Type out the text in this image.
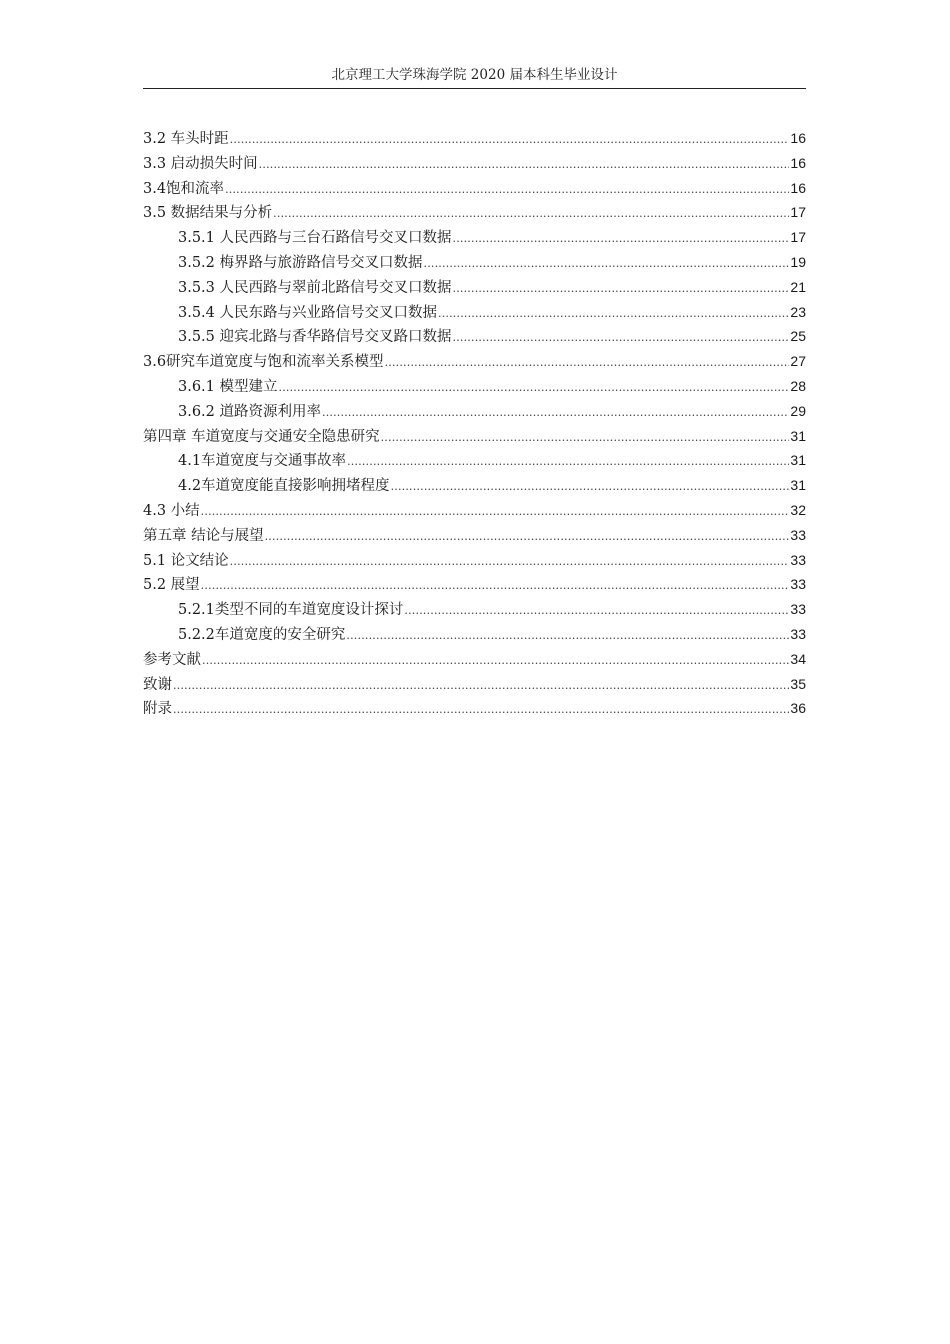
北京理工大学珠海学院 2020 届本科生毕业设计
3.2 车头时距 .....	16
3.3 启动损失时间 .....	16
3.4饱和流率 .....	16
3.5 数据结果与分析 .....	17
3.5.1 人民西路与三台石路信号交叉口数据 .....	17
3.5.2 梅界路与旅游路信号交叉口数据 .....	19
3.5.3 人民西路与翠前北路信号交叉口数据 .....	21
3.5.4 人民东路与兴业路信号交叉口数据 .....	23
3.5.5 迎宾北路与香华路信号交叉路口数据 .....	25
3.6研究车道宽度与饱和流率关系模型 .....	27
3.6.1 模型建立 .....	28
3.6.2 道路资源利用率 .....	29
第四章 车道宽度与交通安全隐患研究 .....	31
4.1车道宽度与交通事故率 .....	31
4.2车道宽度能直接影响拥堵程度 .....	31
4.3 小结 .....	32
第五章 结论与展望 .....	33
5.1 论文结论 .....	33
5.2 展望 .....	33
5.2.1类型不同的车道宽度设计探讨 .....	33
5.2.2车道宽度的安全研究 .....	33
参考文献 .....	34
致谢 .....	35
附录 .....	36
